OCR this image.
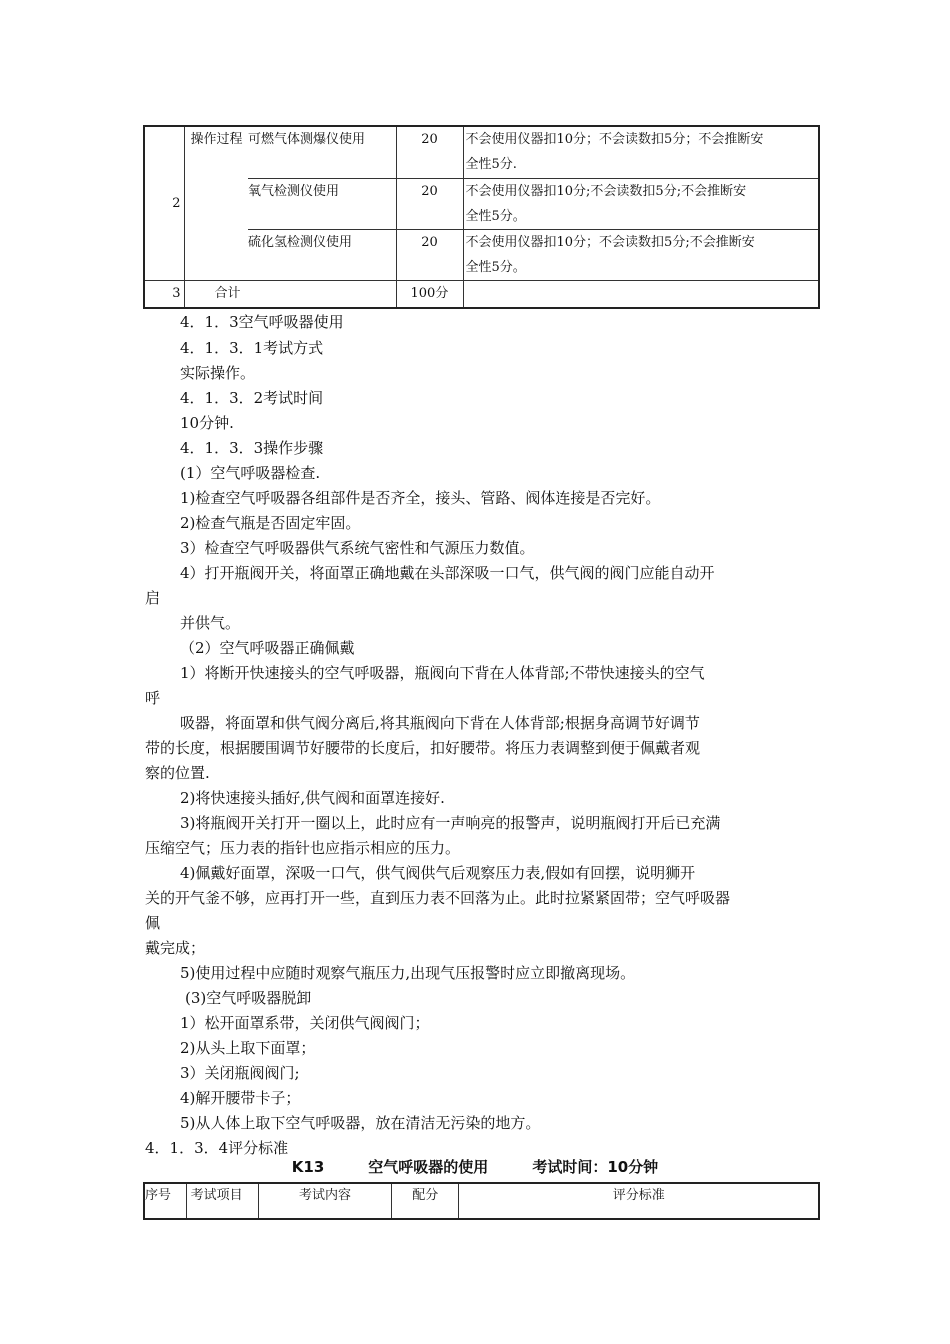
2	操作过程	可燃气体测爆仪使用	20	不会使用仪器扣10分；不会读数扣5分；不会推断安
全性5分.

		氧气检测仪使用	20	不会使用仪器扣10分;不会读数扣5分;不会推断安
全性5分。

		硫化氢检测仪使用	20	不会使用仪器扣10分；不会读数扣5分;不会推断安
全性5分。

3	合计		100分	
4．1．3空气呼吸器使用
4．1．3．1考试方式
实际操作。
4．1．3．2考试时间
10分钟.
4．1．3．3操作步骤
(1）空气呼吸器检查.
1)检查空气呼吸器各组部件是否齐全，接头、管路、阀体连接是否完好。
2)检查气瓶是否固定牢固。
3）检查空气呼吸器供气系统气密性和气源压力数值。
4）打开瓶阀开关，将面罩正确地戴在头部深吸一口气，供气阀的阀门应能自动开
启
并供气。
（2）空气呼吸器正确佩戴
1）将断开快速接头的空气呼吸器，瓶阀向下背在人体背部;不带快速接头的空气
呼
吸器，将面罩和供气阀分离后,将其瓶阀向下背在人体背部;根据身高调节好调节
带的长度，根据腰围调节好腰带的长度后，扣好腰带。将压力表调整到便于佩戴者观
察的位置.
2)将快速接头插好,供气阀和面罩连接好.
3)将瓶阀开关打开一圈以上，此时应有一声响亮的报警声，说明瓶阀打开后已充满
压缩空气；压力表的指针也应指示相应的压力。
4)佩戴好面罩，深吸一口气，供气阀供气后观察压力表,假如有回摆，说明狮开
关的开气釜不够，应再打开一些，直到压力表不回落为止。此时拉紧紧固带；空气呼吸器
佩
戴完成；
5)使用过程中应随时观察气瓶压力,出现气压报警时应立即撤离现场。
(3)空气呼吸器脱卸
1）松开面罩系带，关闭供气阀阀门；
2)从头上取下面罩；
3）关闭瓶阀阀门;
4)解开腰带卡子；
5)从人体上取下空气呼吸器，放在清洁无污染的地方。
4．1．3．4评分标准
K13	空气呼吸器的使用	考试时间：10分钟
序号	考试项目	考试内容	配分	评分标准
